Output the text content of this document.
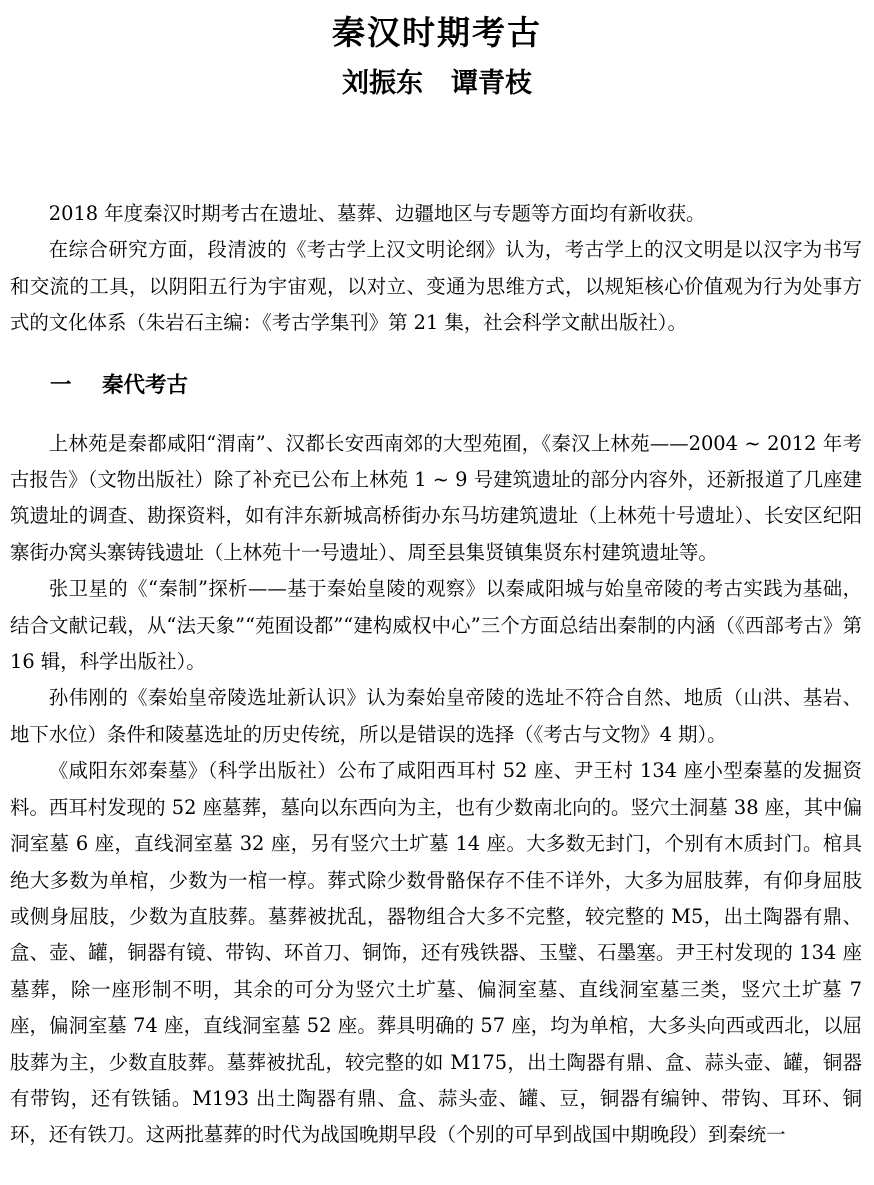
秦汉时期考古
刘振东 谭青枝

2018 年度秦汉时期考古在遗址、墓葬、边疆地区与专题等方面均有新收获。

在综合研究方面，段清波的《考古学上汉文明论纲》认为，考古学上的汉文明是以汉字为书写和交流的工具，以阴阳五行为宇宙观，以对立、变通为思维方式，以规矩核心价值观为行为处事方式的文化体系（朱岩石主编：《考古学集刊》第 21 集，社会科学文献出版社）。

一 秦代考古

上林苑是秦都咸阳“渭南”、汉都长安西南郊的大型苑囿，《秦汉上林苑——2004 ~ 2012 年考古报告》（文物出版社）除了补充已公布上林苑 1 ~ 9 号建筑遗址的部分内容外，还新报道了几座建筑遗址的调查、勘探资料，如有沣东新城高桥街办东马坊建筑遗址（上林苑十号遗址）、长安区纪阳寨街办窝头寨铸钱遗址（上林苑十一号遗址）、周至县集贤镇集贤东村建筑遗址等。

张卫星的《“秦制”探析——基于秦始皇陵的观察》以秦咸阳城与始皇帝陵的考古实践为基础，结合文献记载，从“法天象”“苑囿设都”“建构威权中心”三个方面总结出秦制的内涵（《西部考古》第 16 辑，科学出版社）。

孙伟刚的《秦始皇帝陵选址新认识》认为秦始皇帝陵的选址不符合自然、地质（山洪、基岩、地下水位）条件和陵墓选址的历史传统，所以是错误的选择（《考古与文物》4 期）。

《咸阳东郊秦墓》（科学出版社）公布了咸阳西耳村 52 座、尹王村 134 座小型秦墓的发掘资料。西耳村发现的 52 座墓葬，墓向以东西向为主，也有少数南北向的。竖穴土洞墓 38 座，其中偏洞室墓 6 座，直线洞室墓 32 座，另有竖穴土圹墓 14 座。大多数无封门，个别有木质封门。棺具绝大多数为单棺，少数为一棺一椁。葬式除少数骨骼保存不佳不详外，大多为屈肢葬，有仰身屈肢或侧身屈肢，少数为直肢葬。墓葬被扰乱，器物组合大多不完整，较完整的 M5，出土陶器有鼎、盒、壶、罐，铜器有镜、带钩、环首刀、铜饰，还有残铁器、玉璧、石墨塞。尹王村发现的 134 座墓葬，除一座形制不明，其余的可分为竖穴土圹墓、偏洞室墓、直线洞室墓三类，竖穴土圹墓 7 座，偏洞室墓 74 座，直线洞室墓 52 座。葬具明确的 57 座，均为单棺，大多头向西或西北，以屈肢葬为主，少数直肢葬。墓葬被扰乱，较完整的如 M175，出土陶器有鼎、盒、蒜头壶、罐，铜器有带钩，还有铁锸。M193 出土陶器有鼎、盒、蒜头壶、罐、豆，铜器有编钟、带钩、耳环、铜环，还有铁刀。这两批墓葬的时代为战国晚期早段（个别的可早到战国中期晚段）到秦统一
